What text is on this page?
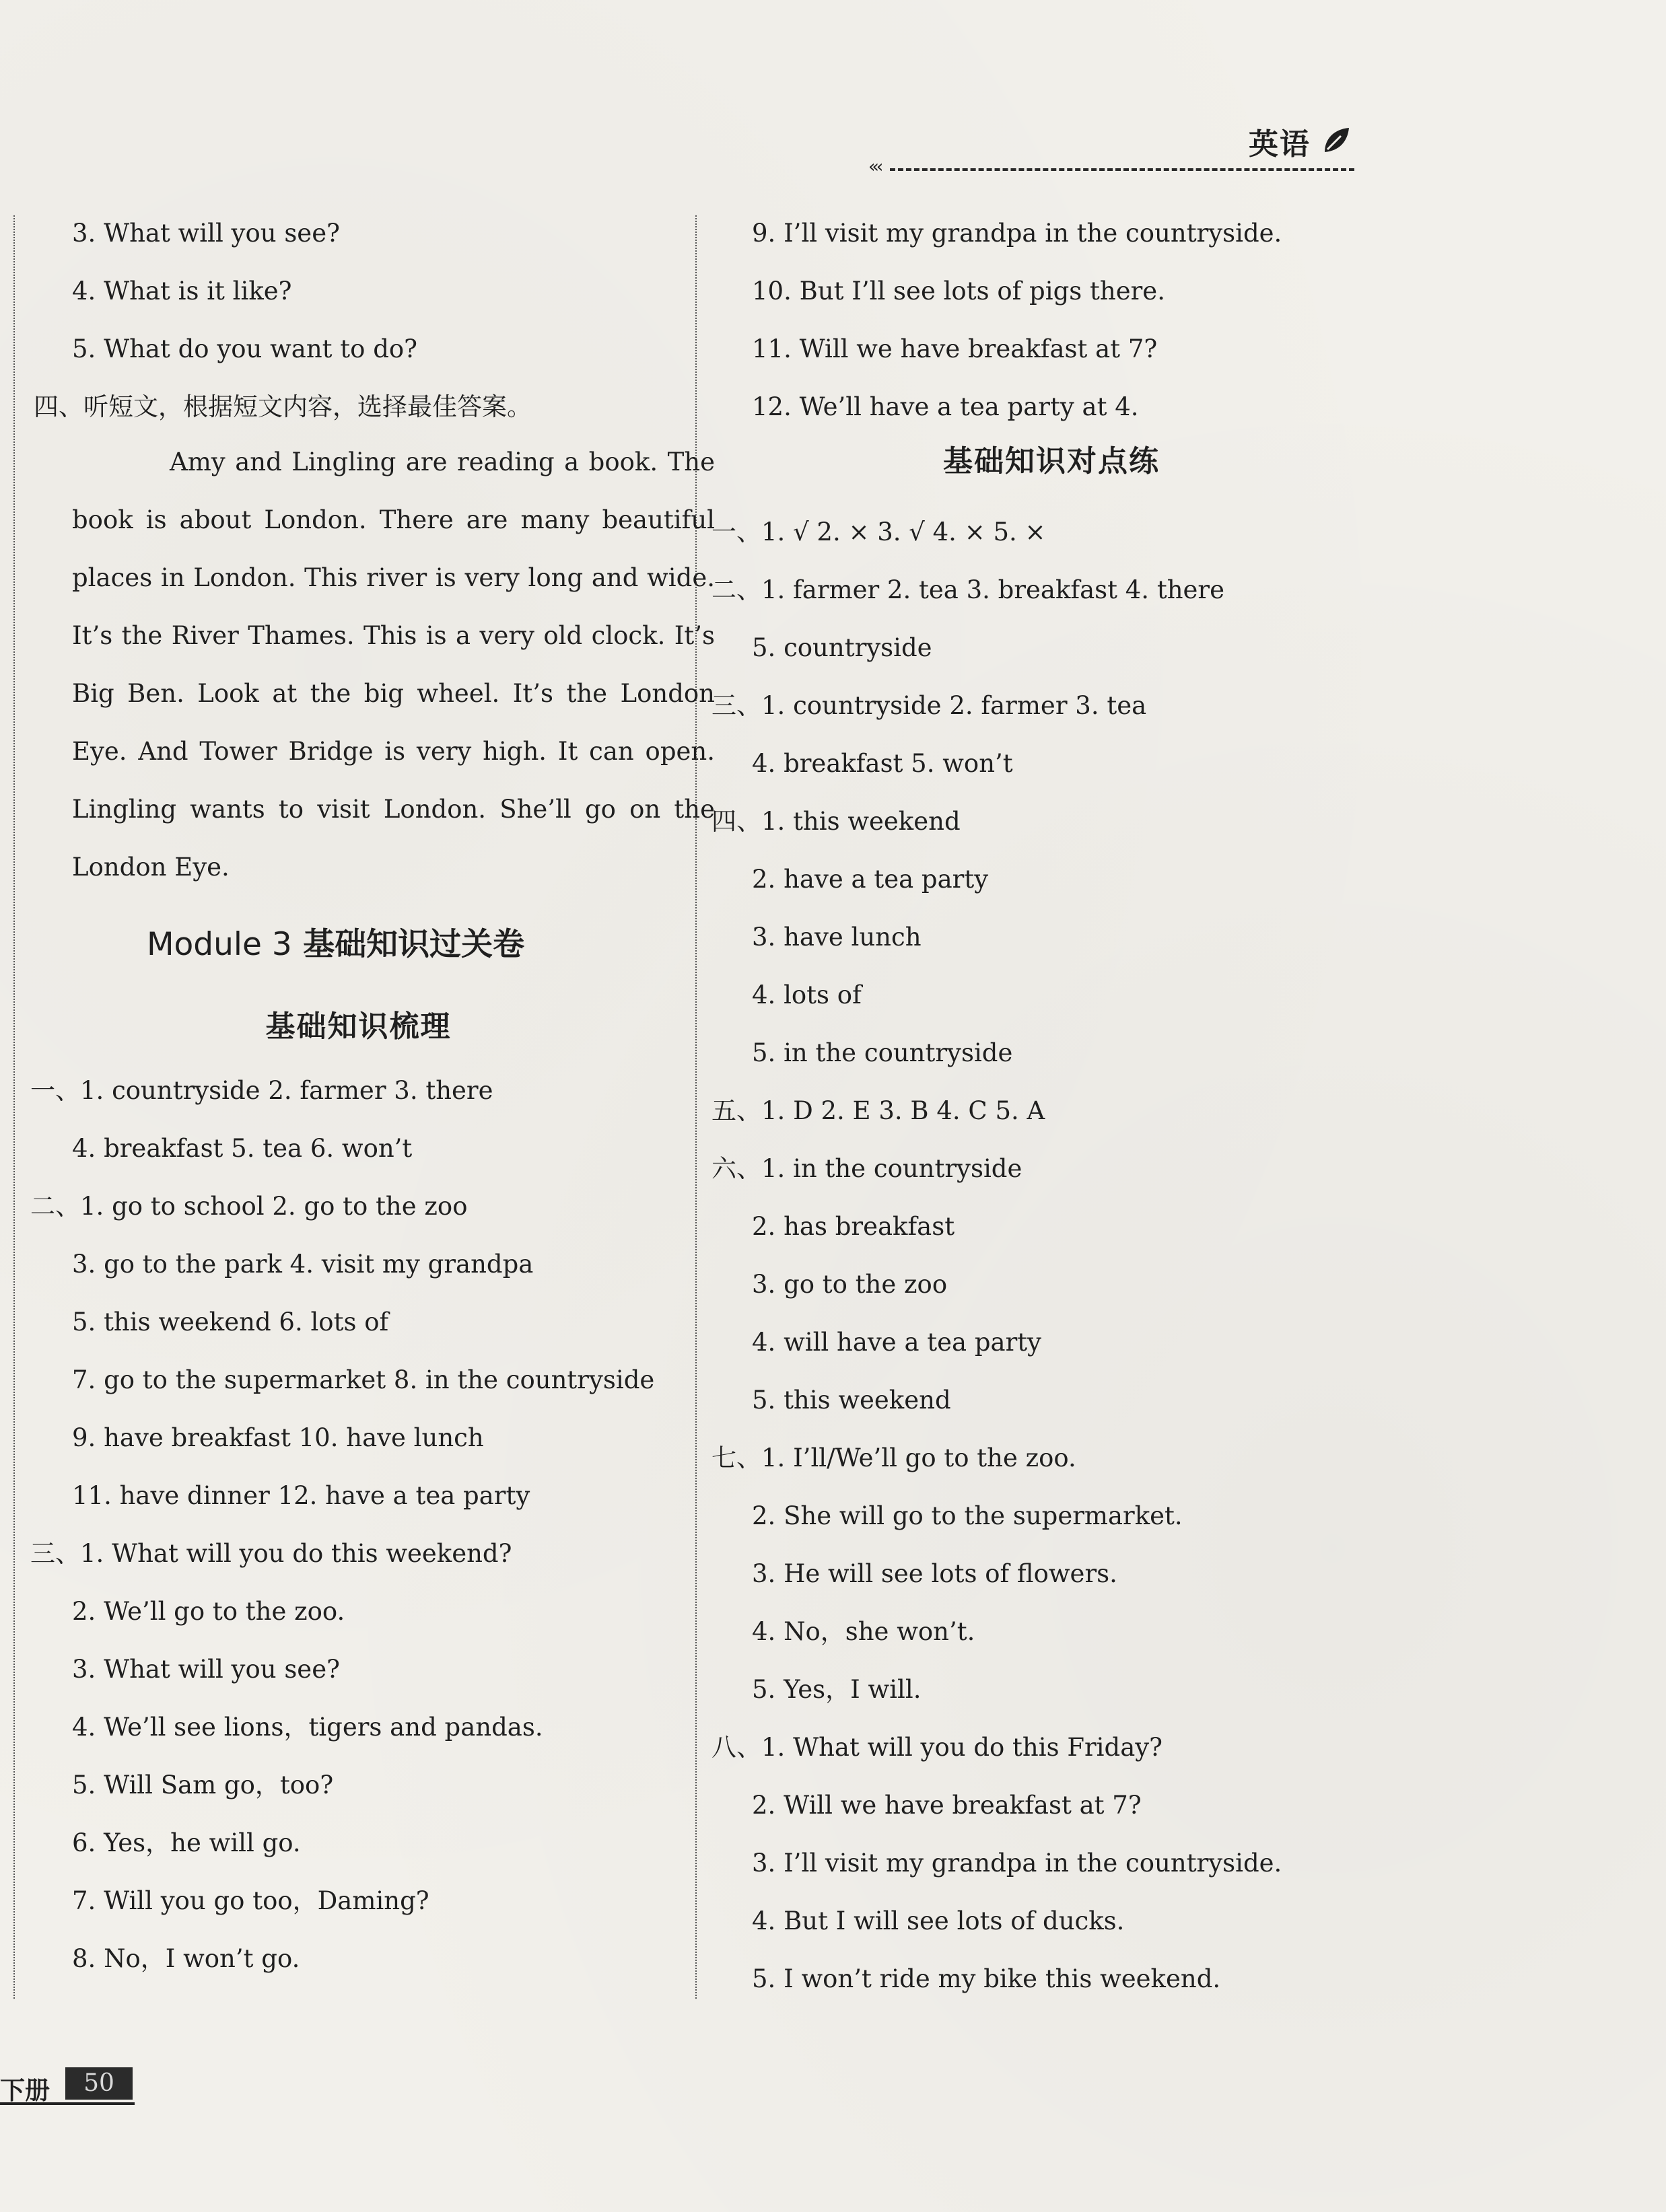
英语
«‹
3. What will you see?
4. What is it like?
5. What do you want to do?
四、听短文，根据短文内容，选择最佳答案。
Amy and Lingling are reading a book. The book is about London. There are many beautiful places in London. This river is very long and wide. It’s the River Thames. This is a very old clock. It’s Big Ben. Look at the big wheel. It’s the London Eye. And Tower Bridge is very high. It can open. Lingling wants to visit London. She’ll go on the London Eye.
Module 3 基础知识过关卷
基础知识梳理
一、1. countryside 2. farmer 3. there
4. breakfast 5. tea 6. won’t
二、1. go to school 2. go to the zoo
3. go to the park 4. visit my grandpa
5. this weekend 6. lots of
7. go to the supermarket 8. in the countryside
9. have breakfast 10. have lunch
11. have dinner 12. have a tea party
三、1. What will you do this weekend?
2. We’ll go to the zoo.
3. What will you see?
4. We’ll see lions，tigers and pandas.
5. Will Sam go，too?
6. Yes，he will go.
7. Will you go too，Daming?
8. No，I won’t go.
9. I’ll visit my grandpa in the countryside.
10. But I’ll see lots of pigs there.
11. Will we have breakfast at 7?
12. We’ll have a tea party at 4.
基础知识对点练
一、1. √ 2. × 3. √ 4. × 5. ×
二、1. farmer 2. tea 3. breakfast 4. there
5. countryside
三、1. countryside 2. farmer 3. tea
4. breakfast 5. won’t
四、1. this weekend
2. have a tea party
3. have lunch
4. lots of
5. in the countryside
五、1. D 2. E 3. B 4. C 5. A
六、1. in the countryside
2. has breakfast
3. go to the zoo
4. will have a tea party
5. this weekend
七、1. I’ll/We’ll go to the zoo.
2. She will go to the supermarket.
3. He will see lots of flowers.
4. No，she won’t.
5. Yes，I will.
八、1. What will you do this Friday?
2. Will we have breakfast at 7?
3. I’ll visit my grandpa in the countryside.
4. But I will see lots of ducks.
5. I won’t ride my bike this weekend.
下册	50
